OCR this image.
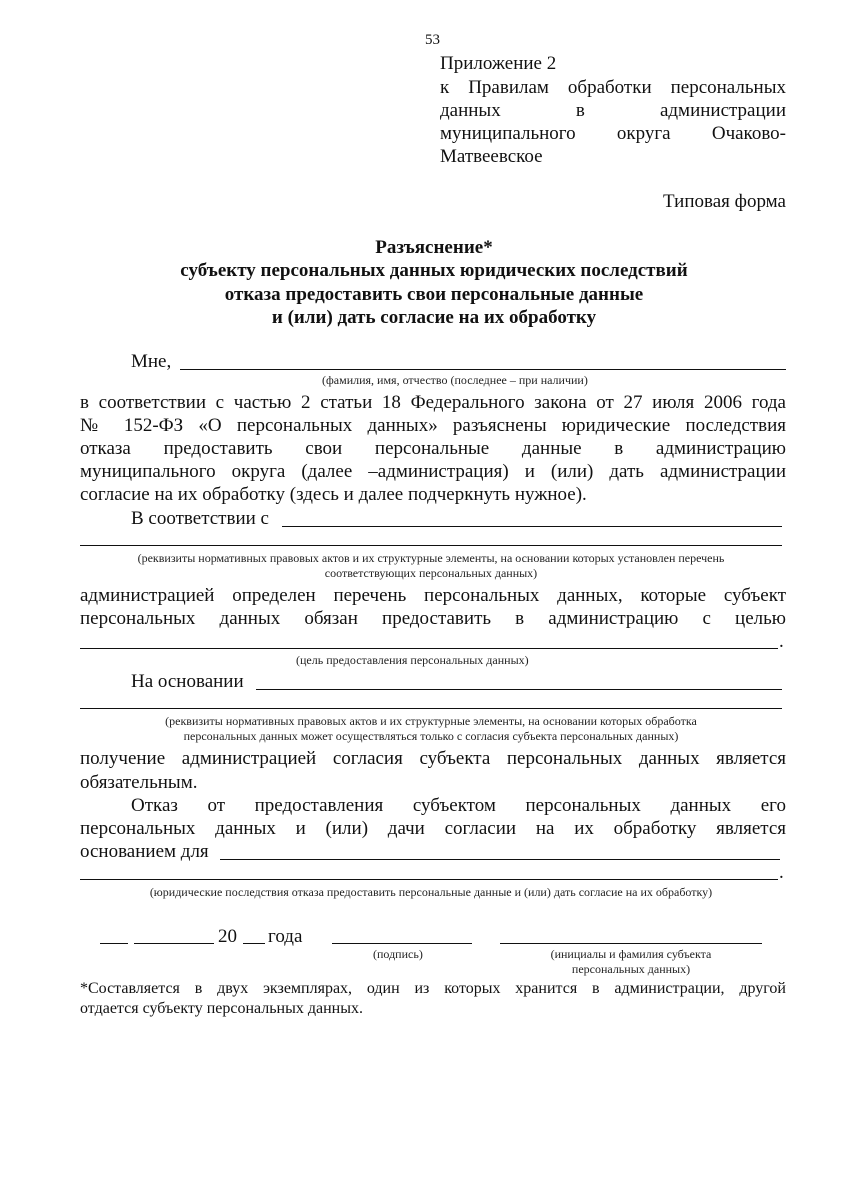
53
Приложение 2
к Правилам обработки персональных
данных в администрации
муниципального округа Очаково-
Матвеевское
Типовая форма
Разъяснение*
субъекту персональных данных юридических последствий
отказа предоставить свои персональные данные
и (или) дать согласие на их обработку
Мне,
(фамилия, имя, отчество (последнее – при наличии)
в соответствии с частью 2 статьи 18 Федерального закона от 27 июля 2006 года
№ 152-ФЗ «О персональных данных» разъяснены юридические последствия
отказа предоставить свои персональные данные в администрацию
муниципального округа (далее –администрация) и (или) дать администрации
согласие на их обработку (здесь и далее подчеркнуть нужное).
В соответствии с
(реквизиты нормативных правовых актов и их структурные элементы, на основании которых установлен перечень
соответствующих персональных данных)
администрацией определен перечень персональных данных, которые субъект
персональных данных обязан предоставить в администрацию с целью
.
(цель предоставления персональных данных)
На основании
(реквизиты нормативных правовых актов и их структурные элементы, на основании которых обработка
персональных данных может осуществляться только с согласия субъекта персональных данных)
получение администрацией согласия субъекта персональных данных является
обязательным.
Отказ от предоставления субъектом персональных данных его
персональных данных и (или) дачи согласии на их обработку является
основанием для
.
(юридические последствия отказа предоставить персональные данные и (или) дать согласие на их обработку)
20 года
(подпись)	(инициалы и фамилия субъекта
персональных данных)
*Составляется в двух экземплярах, один из которых хранится в администрации, другой
отдается субъекту персональных данных.
